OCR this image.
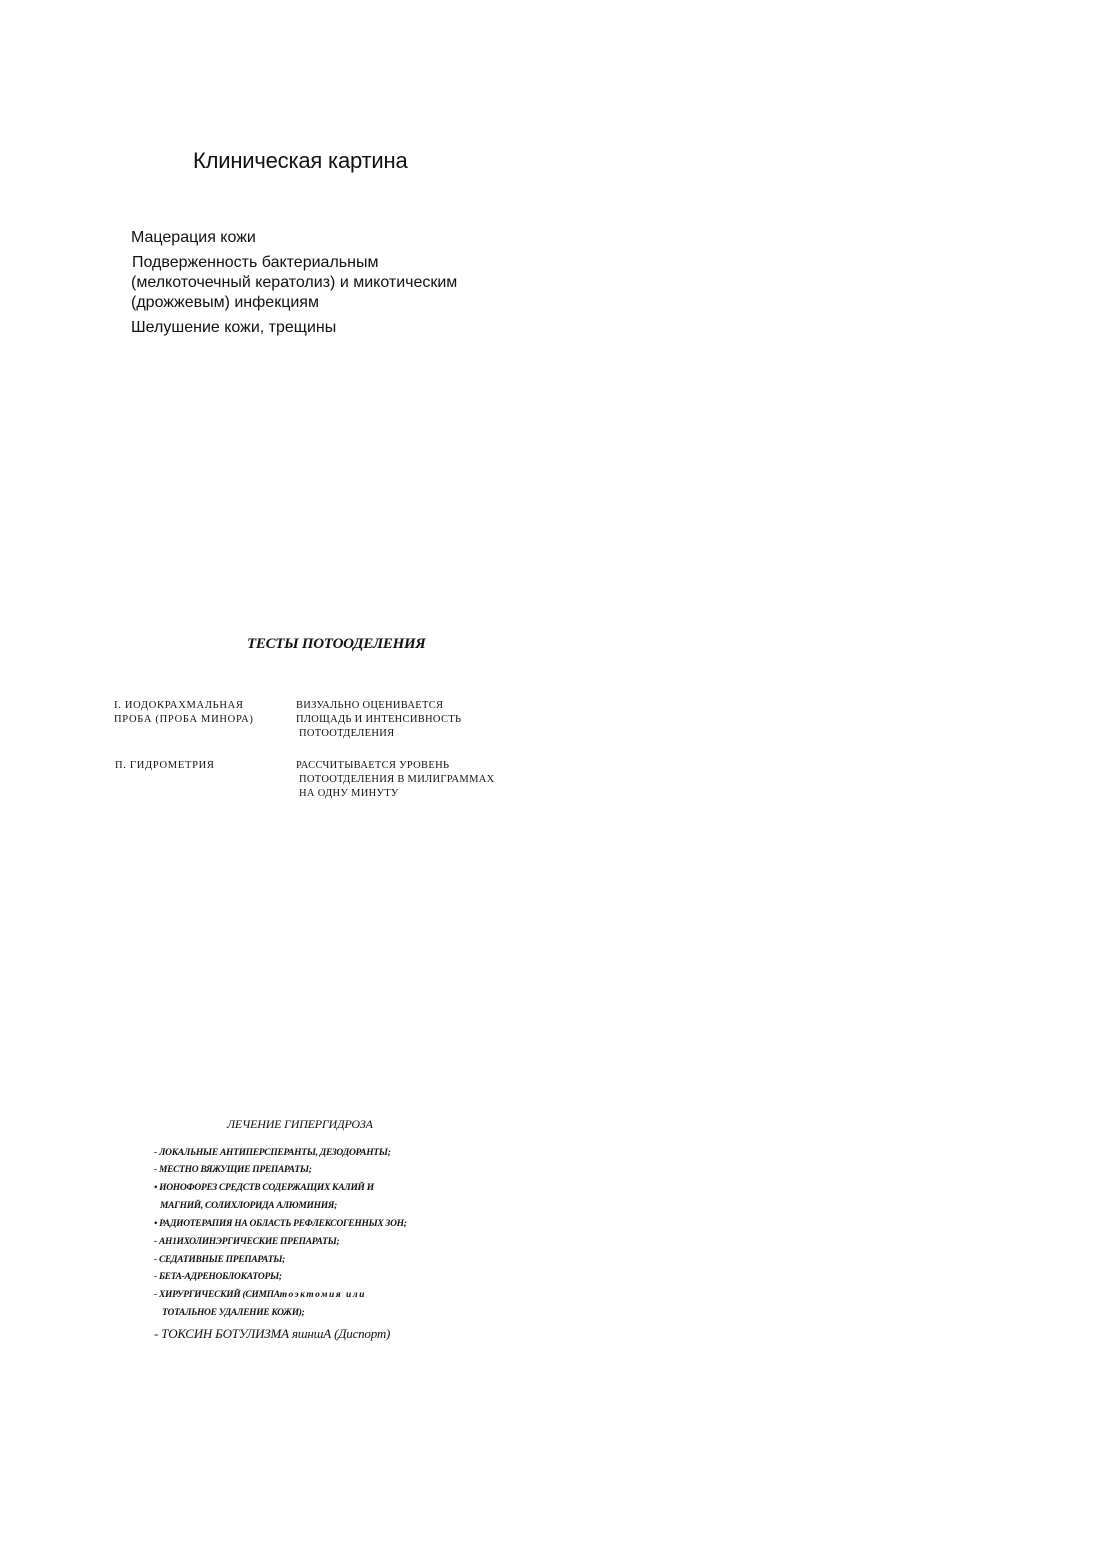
Клиническая картина
Мацерация кожи
Подверженность бактериальным
(мелкоточечный кератолиз) и микотическим
(дрожжевым) инфекциям
Шелушение кожи, трещины
ТЕСТЫ ПОТООДЕЛЕНИЯ
I. ИОДОКРАХМАЛЬНАЯ
ПРОБА (ПРОБА МИНОРА)
ВИЗУАЛЬНО ОЦЕНИВАЕТСЯ
ПЛОЩАДЬ И ИНТЕНСИВНОСТЬ
ПОТООТДЕЛЕНИЯ
П. ГИДРОМЕТРИЯ	РАССЧИТЫВАЕТСЯ УРОВЕНЬ
ПОТООТДЕЛЕНИЯ В МИЛИГРАММАХ
НА ОДНУ МИНУТУ
ЛЕЧЕНИЕ ГИПЕРГИДРОЗА
- ЛОКАЛЬНЫЕ АНТИПЕРСПЕРАНТЫ, ДЕЗОДОРАНТЫ;
- МЕСТНО ВЯЖУЩИЕ ПРЕПАРАТЫ;
• ИОНОФОРЕЗ СРЕДСТВ СОДЕРЖАЩИХ КАЛИЙ И
МАГНИЙ, СОЛИХЛОРИДА АЛЮМИНИЯ;
• РАДИОТЕРАПИЯ НА ОБЛАСТЬ РЕФЛЕКСОГЕННЫХ ЗОН;
- АН1ИХОЛИНЭРГИЧЕСКИЕ ПРЕПАРАТЫ;
- СЕДАТИВНЫЕ ПРЕПАРАТЫ;
- БЕТА-АДРЕНОБЛОКАТОРЫ;
- ХИРУРГИЧЕСКИЙ (СИМПАтоэктомия или
ТОТАЛЬНОЕ УДАЛЕНИЕ КОЖИ);
- ТОКСИН БОТУЛИЗМА яшншА (Диспорт)
